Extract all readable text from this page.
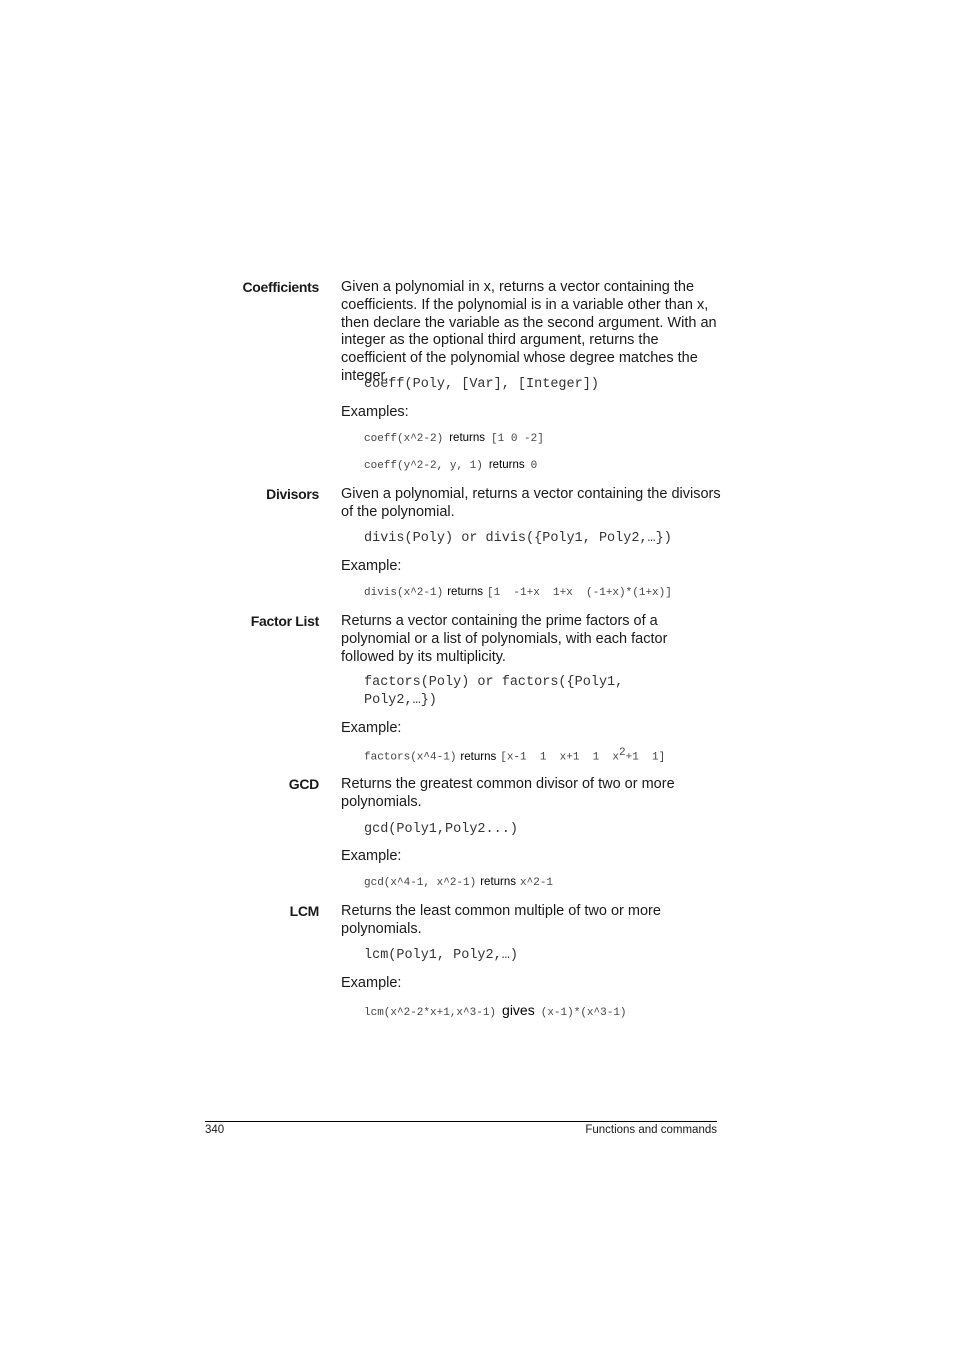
Coefficients Given a polynomial in x, returns a vector containing the coefficients. If the polynomial is in a variable other than x, then declare the variable as the second argument. With an integer as the optional third argument, returns the coefficient of the polynomial whose degree matches the integer.

coeff(Poly, [Var], [Integer])
Examples:
coeff(x^2-2) returns [1 0 -2]
coeff(y^2-2, y, 1) returns 0
Divisors Given a polynomial, returns a vector containing the divisors of the polynomial.

divis(Poly) or divis({Poly1, Poly2,…})
Example:
divis(x^2-1) returns [1  -1+x  1+x  (-1+x)*(1+x)]
Factor List Returns a vector containing the prime factors of a polynomial or a list of polynomials, with each factor followed by its multiplicity.

factors(Poly) or factors({Poly1,
Poly2,…})
Example:
factors(x^4-1) returns [x-1  1  x+1  1  $x^2+1$  1]
GCD Returns the greatest common divisor of two or more polynomials.

gcd(Poly1,Poly2...)
Example:
gcd(x^4-1, x^2-1) returns x^2-1
LCM Returns the least common multiple of two or more polynomials.

lcm(Poly1, Poly2,…)
Example:
lcm(x^2-2*x+1,x^3-1) gives (x-1)*(x^3-1)
340	Functions and commands
